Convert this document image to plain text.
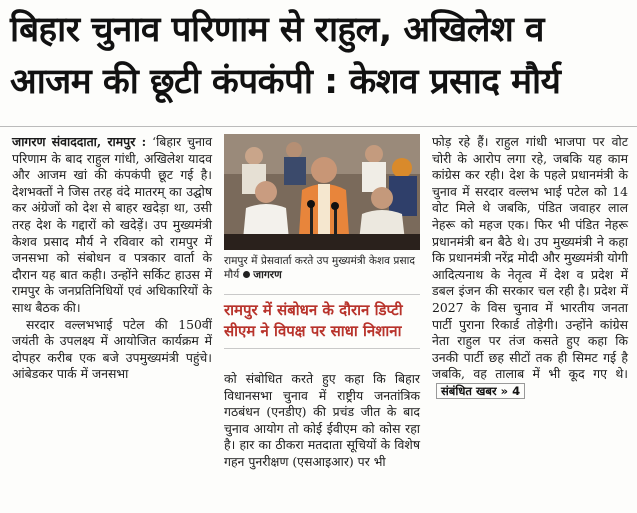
बिहार चुनाव परिणाम से राहुल, अखिलेश व
आजम की छूटी कंपकंपी : केशव प्रसाद मौर्य

जागरण संवाददाता, रामपुर : ‘बिहार चुनाव परिणाम के बाद राहुल गांधी, अखिलेश यादव और आजम खां की कंपकंपी छूट गई है। देशभक्तों ने जिस तरह वंदे मातरम् का उद्घोष कर अंग्रेजों को देश से बाहर खदेड़ा था, उसी तरह देश के गद्दारों को खदेड़ें। उप मुख्यमंत्री केशव प्रसाद मौर्य ने रविवार को रामपुर में जनसभा को संबोधन व पत्रकार वार्ता के दौरान यह बात कही। उन्होंने सर्किट हाउस में रामपुर के जनप्रतिनिधियों एवं अधिकारियों के साथ बैठक की।

सरदार वल्लभभाई पटेल की 150वीं जयंती के उपलक्ष्य में आयोजित कार्यक्रम में दोपहर करीब एक बजे उपमुख्यमंत्री पहुंचे। आंबेडकर पार्क में जनसभा

रामपुर में प्रेसवार्ता करते उप मुख्यमंत्री केशव प्रसाद मौर्य जागरण
रामपुर में संबोधन के दौरान डिप्टी सीएम ने विपक्ष पर साधा निशाना

को संबोधित करते हुए कहा कि बिहार विधानसभा चुनाव में राष्ट्रीय जनतांत्रिक गठबंधन (एनडीए) की प्रचंड जीत के बाद चुनाव आयोग तो कोई ईवीएम को कोस रहा है। हार का ठीकरा मतदाता सूचियों के विशेष गहन पुनरीक्षण (एसआइआर) पर भी

फोड़ रहे हैं। राहुल गांधी भाजपा पर वोट चोरी के आरोप लगा रहे, जबकि यह काम कांग्रेस कर रही। देश के पहले प्रधानमंत्री के चुनाव में सरदार वल्लभ भाई पटेल को 14 वोट मिले थे जबकि, पंडित जवाहर लाल नेहरू को महज एक। फिर भी पंडित नेहरू प्रधानमंत्री बन बैठे थे। उप मुख्यमंत्री ने कहा कि प्रधानमंत्री नरेंद्र मोदी और मुख्यमंत्री योगी आदित्यनाथ के नेतृत्व में देश व प्रदेश में डबल इंजन की सरकार चल रही है। प्रदेश में 2027 के विस चुनाव में भारतीय जनता पार्टी पुराना रिकार्ड तोड़ेगी। उन्होंने कांग्रेस नेता राहुल पर तंज कसते हुए कहा कि उनकी पार्टी छह सीटों तक ही सिमट गई है जबकि, वह तालाब में भी कूद गए थे।संबंधित खबर » 4
